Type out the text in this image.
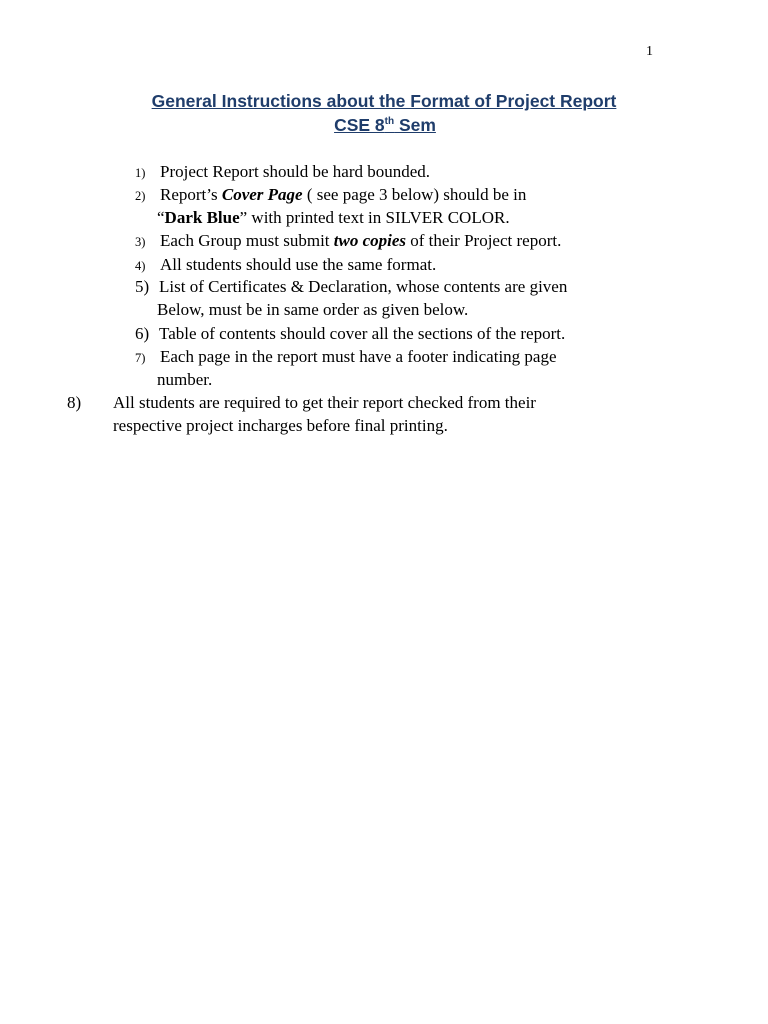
1
General Instructions about the Format of Project Report
CSE 8th Sem
1) Project Report should be hard bounded.
2) Report’s Cover Page ( see page 3 below) should be in
“Dark Blue” with printed text in SILVER COLOR.
3) Each Group must submit two copies of their Project report.
4) All students should use the same format.
5) List of Certificates & Declaration, whose contents are given
Below, must be in same order as given below.
6) Table of contents should cover all the sections of the report.
7) Each page in the report must have a footer indicating page
number.
8) All students are required to get their report checked from their
respective project incharges before final printing.
